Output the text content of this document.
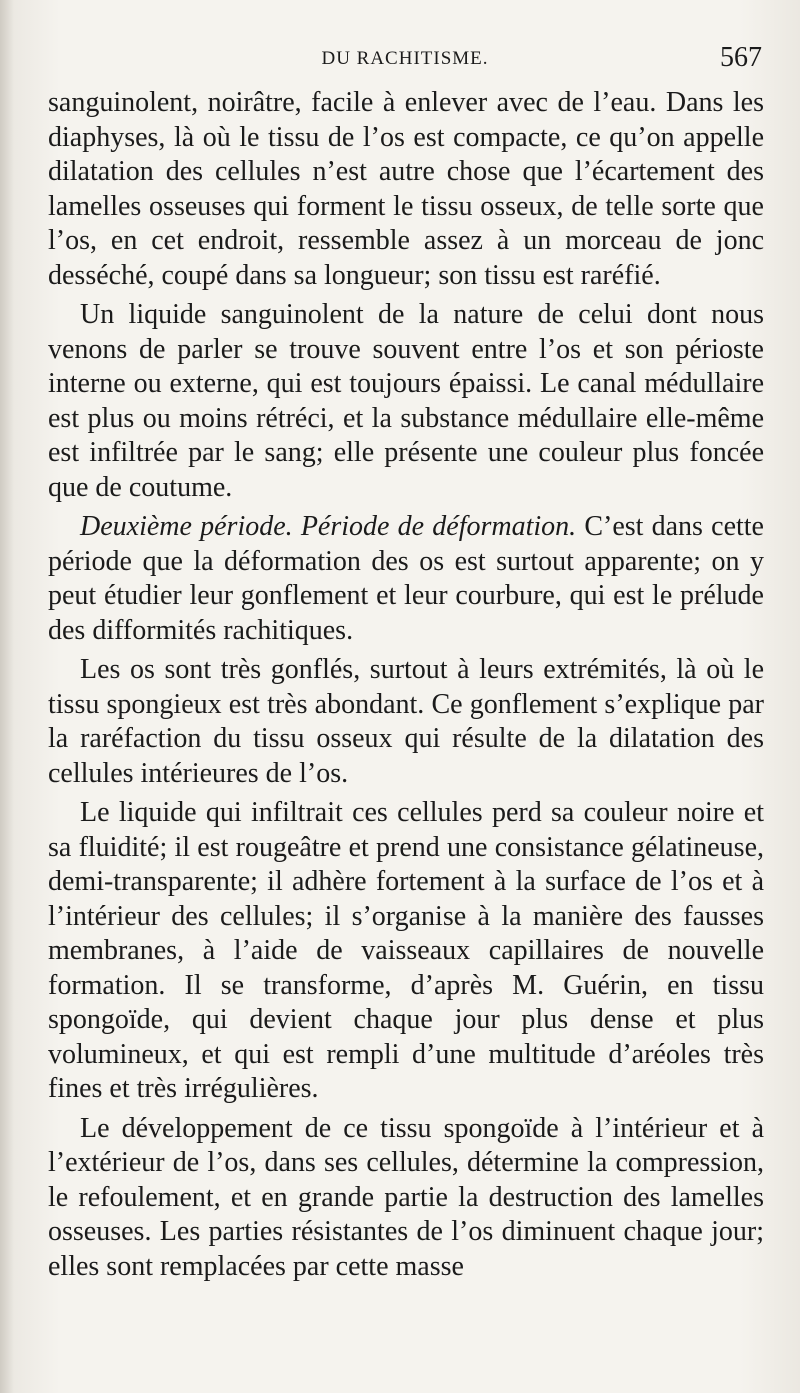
DU RACHITISME.	567

sanguinolent, noirâtre, facile à enlever avec de l’eau. Dans les diaphyses, là où le tissu de l’os est compacte, ce qu’on appelle dilatation des cellules n’est autre chose que l’écartement des lamelles osseuses qui forment le tissu osseux, de telle sorte que l’os, en cet endroit, ressemble assez à un morceau de jonc desséché, coupé dans sa longueur; son tissu est raréfié.

Un liquide sanguinolent de la nature de celui dont nous venons de parler se trouve souvent entre l’os et son périoste interne ou externe, qui est toujours épaissi. Le canal médullaire est plus ou moins rétréci, et la substance médullaire elle-même est infiltrée par le sang; elle présente une couleur plus foncée que de coutume.

Deuxième période. Période de déformation. C’est dans cette période que la déformation des os est surtout apparente; on y peut étudier leur gonflement et leur courbure, qui est le prélude des difformités rachitiques.

Les os sont très gonflés, surtout à leurs extrémités, là où le tissu spongieux est très abondant. Ce gonflement s’explique par la raréfaction du tissu osseux qui résulte de la dilatation des cellules intérieures de l’os.

Le liquide qui infiltrait ces cellules perd sa couleur noire et sa fluidité; il est rougeâtre et prend une consistance gélatineuse, demi-transparente; il adhère fortement à la surface de l’os et à l’intérieur des cellules; il s’organise à la manière des fausses membranes, à l’aide de vaisseaux capillaires de nouvelle formation. Il se transforme, d’après M. Guérin, en tissu spongoïde, qui devient chaque jour plus dense et plus volumineux, et qui est rempli d’une multitude d’aréoles très fines et très irrégulières.

Le développement de ce tissu spongoïde à l’intérieur et à l’extérieur de l’os, dans ses cellules, détermine la compression, le refoulement, et en grande partie la destruction des lamelles osseuses. Les parties résistantes de l’os diminuent chaque jour; elles sont remplacées par cette masse
